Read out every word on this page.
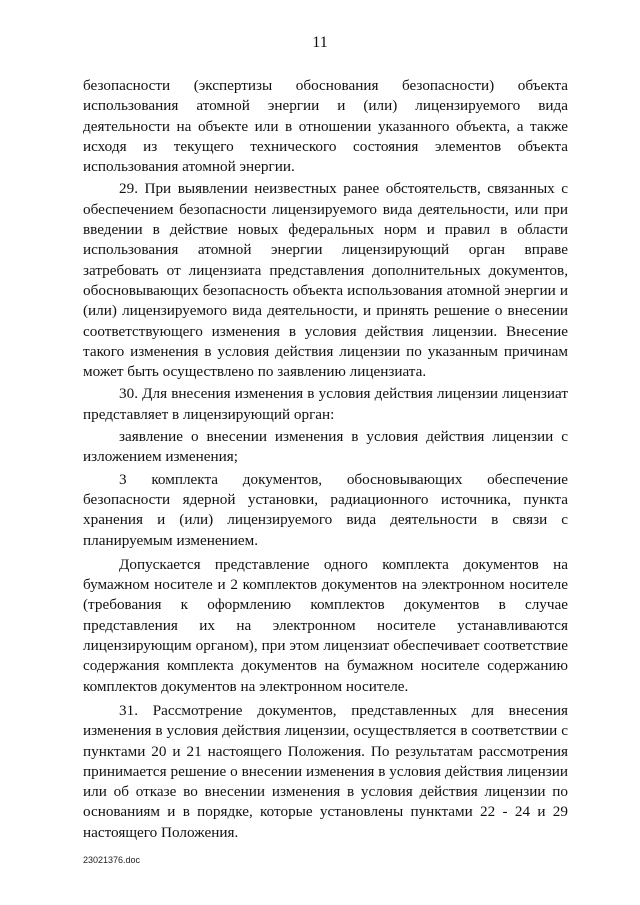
11

безопасности (экспертизы обоснования безопасности) объекта использования атомной энергии и (или) лицензируемого вида деятельности на объекте или в отношении указанного объекта, а также исходя из текущего технического состояния элементов объекта использования атомной энергии.

29. При выявлении неизвестных ранее обстоятельств, связанных с обеспечением безопасности лицензируемого вида деятельности, или при введении в действие новых федеральных норм и правил в области использования атомной энергии лицензирующий орган вправе затребовать от лицензиата представления дополнительных документов, обосновывающих безопасность объекта использования атомной энергии и (или) лицензируемого вида деятельности, и принять решение о внесении соответствующего изменения в условия действия лицензии. Внесение такого изменения в условия действия лицензии по указанным причинам может быть осуществлено по заявлению лицензиата.

30. Для внесения изменения в условия действия лицензии лицензиат представляет в лицензирующий орган:

заявление о внесении изменения в условия действия лицензии с изложением изменения;

3 комплекта документов, обосновывающих обеспечение безопасности ядерной установки, радиационного источника, пункта хранения и (или) лицензируемого вида деятельности в связи с планируемым изменением.

Допускается представление одного комплекта документов на бумажном носителе и 2 комплектов документов на электронном носителе (требования к оформлению комплектов документов в случае представления их на электронном носителе устанавливаются лицензирующим органом), при этом лицензиат обеспечивает соответствие содержания комплекта документов на бумажном носителе содержанию комплектов документов на электронном носителе.

31. Рассмотрение документов, представленных для внесения изменения в условия действия лицензии, осуществляется в соответствии с пунктами 20 и 21 настоящего Положения. По результатам рассмотрения принимается решение о внесении изменения в условия действия лицензии или об отказе во внесении изменения в условия действия лицензии по основаниям и в порядке, которые установлены пунктами 22 - 24 и 29 настоящего Положения.

23021376.doc
